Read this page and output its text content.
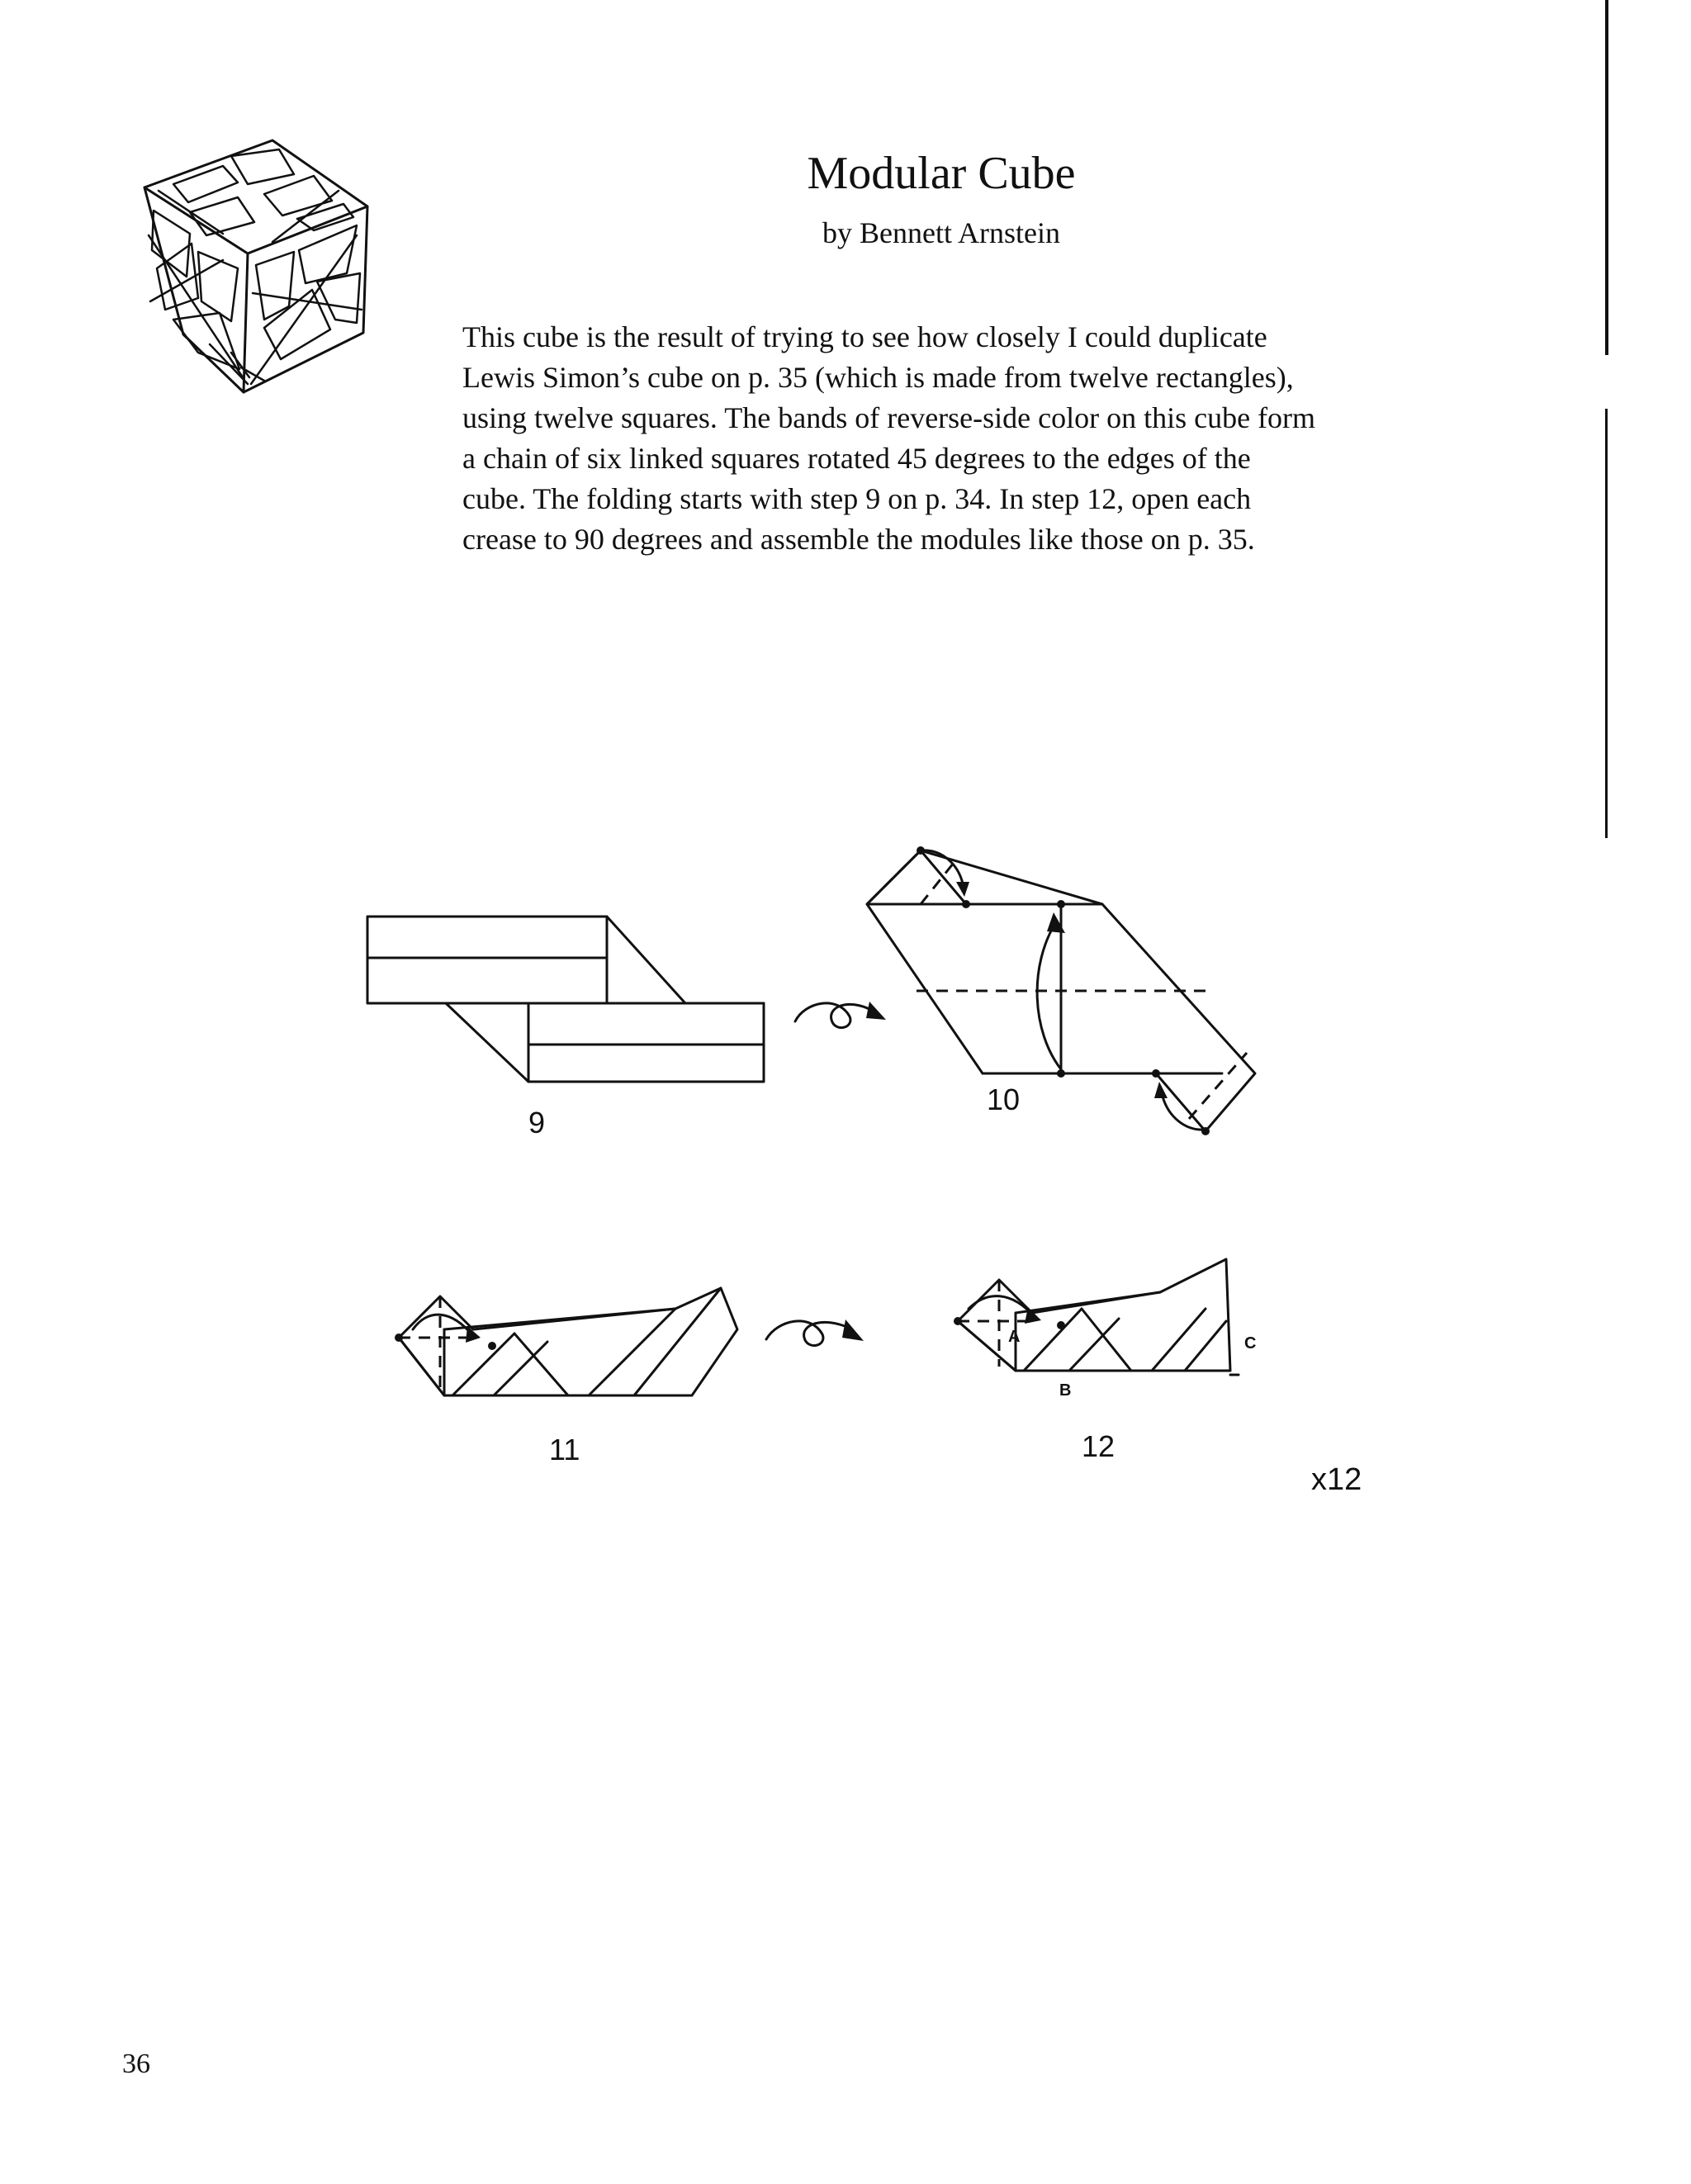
Modular Cube
by Bennett Arnstein

This cube is the result of trying to see how closely I could duplicate

Lewis Simon’s cube on p. 35 (which is made from twelve rectangles),

using twelve squares. The bands of reverse-side color on this cube form

a chain of six linked squares rotated 45 degrees to the edges of the

cube. The folding starts with step 9 on p. 34. In step 12, open each

crease to 90 degrees and assemble the modules like those on p. 35.

9
10
11
A
B
C
12
x12
36
